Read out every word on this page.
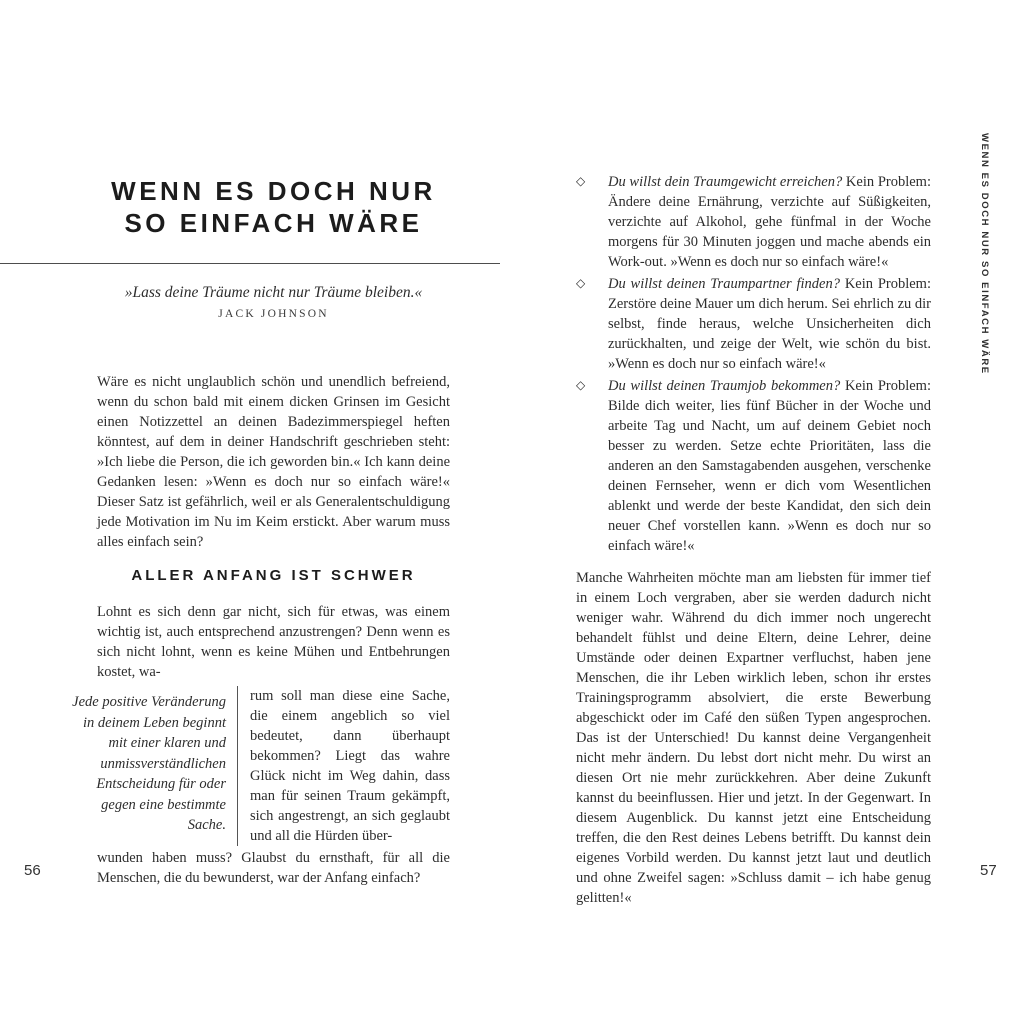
WENN ES DOCH NUR
SO EINFACH WÄRE
»Lass deine Träume nicht nur Träume bleiben.«
JACK JOHNSON
Wäre es nicht unglaublich schön und unendlich befreiend, wenn du schon bald mit einem dicken Grinsen im Gesicht einen Notizzettel an deinen Badezimmerspiegel heften könntest, auf dem in deiner Handschrift geschrieben steht: »Ich liebe die Person, die ich geworden bin.« Ich kann deine Gedanken lesen: »Wenn es doch nur so einfach wäre!« Dieser Satz ist gefährlich, weil er als Generalentschuldigung jede Motivation im Nu im Keim erstickt. Aber warum muss alles einfach sein?
ALLER ANFANG IST SCHWER
Lohnt es sich denn gar nicht, sich für etwas, was einem wichtig ist, auch entsprechend anzustrengen? Denn wenn es sich nicht lohnt, wenn es keine Mühen und Entbehrungen kostet, wa-
Jede positive Veränderung in deinem Leben beginnt mit einer klaren und unmissverständlichen Entscheidung für oder gegen eine bestimmte Sache.
rum soll man diese eine Sache, die einem angeblich so viel bedeutet, dann überhaupt bekommen? Liegt das wahre Glück nicht im Weg dahin, dass man für seinen Traum gekämpft, sich angestrengt, an sich geglaubt und all die Hürden über-
wunden haben muss? Glaubst du ernsthaft, für all die Menschen, die du bewunderst, war der Anfang einfach?
◇	Du willst dein Traumgewicht erreichen? Kein Problem: Ändere deine Ernährung, verzichte auf Süßigkeiten, verzichte auf Alkohol, gehe fünfmal in der Woche morgens für 30 Minuten joggen und mache abends ein Work-out. »Wenn es doch nur so einfach wäre!«
◇	Du willst deinen Traumpartner finden? Kein Problem: Zerstöre deine Mauer um dich herum. Sei ehrlich zu dir selbst, finde heraus, welche Unsicherheiten dich zurückhalten, und zeige der Welt, wie schön du bist. »Wenn es doch nur so einfach wäre!«
◇	Du willst deinen Traumjob bekommen? Kein Problem: Bilde dich weiter, lies fünf Bücher in der Woche und arbeite Tag und Nacht, um auf deinem Gebiet noch besser zu werden. Setze echte Prioritäten, lass die anderen an den Samstagabenden ausgehen, verschenke deinen Fernseher, wenn er dich vom Wesentlichen ablenkt und werde der beste Kandidat, den sich dein neuer Chef vorstellen kann. »Wenn es doch nur so einfach wäre!«
Manche Wahrheiten möchte man am liebsten für immer tief in einem Loch vergraben, aber sie werden dadurch nicht weniger wahr. Während du dich immer noch ungerecht behandelt fühlst und deine Eltern, deine Lehrer, deine Umstände oder deinen Expartner verfluchst, haben jene Menschen, die ihr Leben wirklich leben, schon ihr erstes Trainingsprogramm absolviert, die erste Bewerbung abgeschickt oder im Café den süßen Typen angesprochen. Das ist der Unterschied! Du kannst deine Vergangenheit nicht mehr ändern. Du lebst dort nicht mehr. Du wirst an diesen Ort nie mehr zurückkehren. Aber deine Zukunft kannst du beeinflussen. Hier und jetzt. In der Gegenwart. In diesem Augenblick. Du kannst jetzt eine Entscheidung treffen, die den Rest deines Lebens betrifft. Du kannst dein eigenes Vorbild werden. Du kannst jetzt laut und deutlich und ohne Zweifel sagen: »Schluss damit – ich habe genug gelitten!«
WENN ES DOCH NUR SO EINFACH WÄRE
56	57
